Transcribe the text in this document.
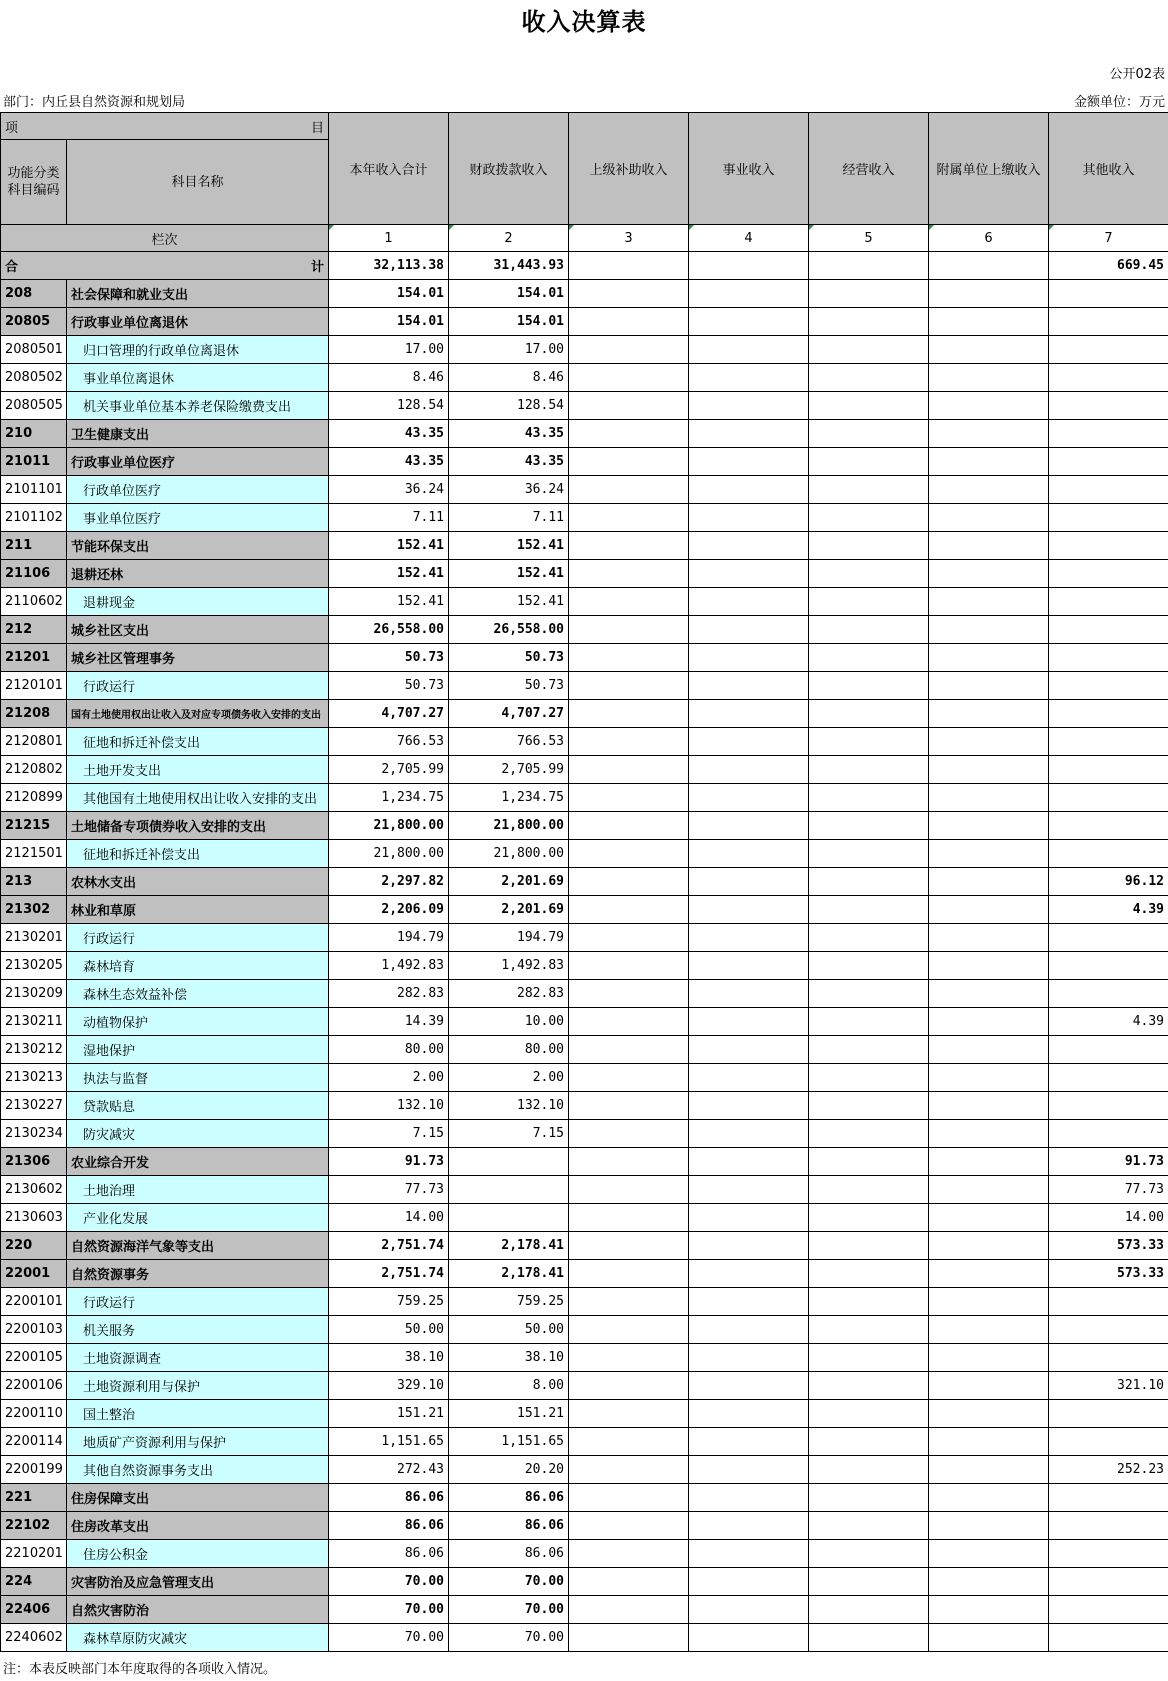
收入决算表
公开02表
部门：内丘县自然资源和规划局	金额单位：万元
项 目		本年收入合计	财政拨款收入	上级补助收入	事业收入	经营收入	附属单位上缴收入	其他收入
功能分类 科目编码	科目名称							
栏次		1	2	3	4	5	6	7

合 计		32,113.38	31,443.93					669.45
208	社会保障和就业支出	154.01	154.01					
20805	行政事业单位离退休	154.01	154.01					
2080501	归口管理的行政单位离退休	17.00	17.00					
2080502	事业单位离退休	8.46	8.46					
2080505	机关事业单位基本养老保险缴费支出	128.54	128.54					
210	卫生健康支出	43.35	43.35					
21011	行政事业单位医疗	43.35	43.35					
2101101	行政单位医疗	36.24	36.24					
2101102	事业单位医疗	7.11	7.11					
211	节能环保支出	152.41	152.41					
21106	退耕还林	152.41	152.41					
2110602	退耕现金	152.41	152.41					
212	城乡社区支出	26,558.00	26,558.00					
21201	城乡社区管理事务	50.73	50.73					
2120101	行政运行	50.73	50.73					
21208	国有土地使用权出让收入及对应专项债务收入安排的支出	4,707.27	4,707.27					
2120801	征地和拆迁补偿支出	766.53	766.53					
2120802	土地开发支出	2,705.99	2,705.99					
2120899	其他国有土地使用权出让收入安排的支出	1,234.75	1,234.75					
21215	土地储备专项债券收入安排的支出	21,800.00	21,800.00					
2121501	征地和拆迁补偿支出	21,800.00	21,800.00					
213	农林水支出	2,297.82	2,201.69					96.12
21302	林业和草原	2,206.09	2,201.69					4.39
2130201	行政运行	194.79	194.79					
2130205	森林培育	1,492.83	1,492.83					
2130209	森林生态效益补偿	282.83	282.83					
2130211	动植物保护	14.39	10.00					4.39
2130212	湿地保护	80.00	80.00					
2130213	执法与监督	2.00	2.00					
2130227	贷款贴息	132.10	132.10					
2130234	防灾减灾	7.15	7.15					
21306	农业综合开发	91.73						91.73
2130602	土地治理	77.73						77.73
2130603	产业化发展	14.00						14.00
220	自然资源海洋气象等支出	2,751.74	2,178.41					573.33
22001	自然资源事务	2,751.74	2,178.41					573.33
2200101	行政运行	759.25	759.25					
2200103	机关服务	50.00	50.00					
2200105	土地资源调查	38.10	38.10					
2200106	土地资源利用与保护	329.10	8.00					321.10
2200110	国土整治	151.21	151.21					
2200114	地质矿产资源利用与保护	1,151.65	1,151.65					
2200199	其他自然资源事务支出	272.43	20.20					252.23
221	住房保障支出	86.06	86.06					
22102	住房改革支出	86.06	86.06					
2210201	住房公积金	86.06	86.06					
224	灾害防治及应急管理支出	70.00	70.00					
22406	自然灾害防治	70.00	70.00					
2240602	森林草原防灾减灾	70.00	70.00					
注：本表反映部门本年度取得的各项收入情况。
